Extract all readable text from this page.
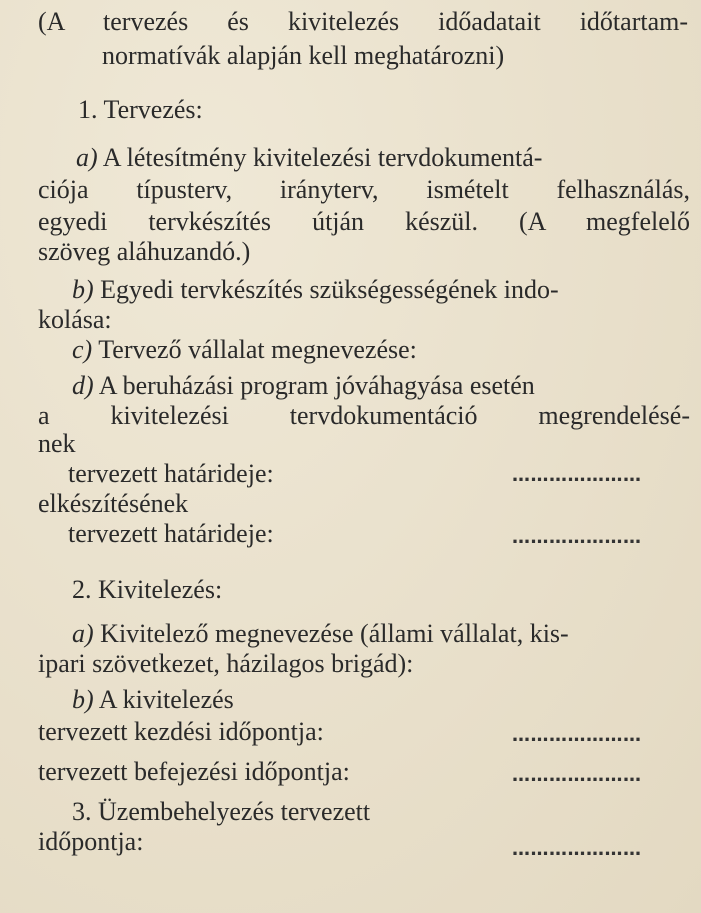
(A tervezés és kivitelezés időadatait időtartam-
normatívák alapján kell meghatározni)
1. Tervezés:
a) A létesítmény kivitelezési tervdokumentá-
ciója típusterv, irányterv, ismételt felhasználás,
egyedi tervkészítés útján készül. (A megfelelő
szöveg aláhuzandó.)
b) Egyedi tervkészítés szükségességének indo-
kolása:
c) Tervező vállalat megnevezése:
d) A beruházási program jóváhagyása esetén
a kivitelezési tervdokumentáció megrendelésé-
nek
tervezett határideje:	…………………
elkészítésének
tervezett határideje:	…………………
2. Kivitelezés:
a) Kivitelező megnevezése (állami vállalat, kis-
ipari szövetkezet, házilagos brigád):
b) A kivitelezés
tervezett kezdési időpontja:	…………………
tervezett befejezési időpontja:	…………………
3. Üzembehelyezés tervezett
időpontja:	…………………
